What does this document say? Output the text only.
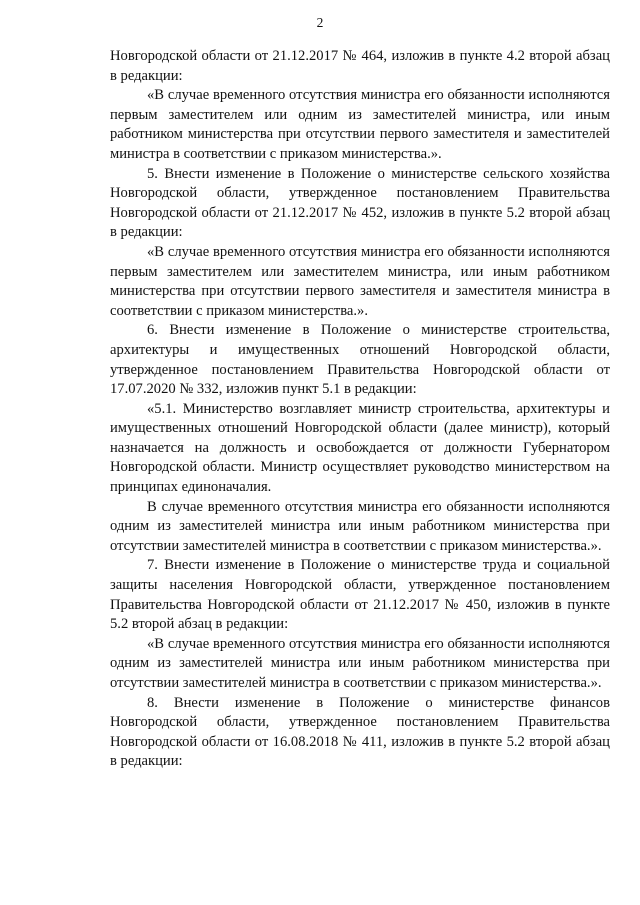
2

Новгородской области от 21.12.2017 № 464, изложив в пункте 4.2 второй абзац в редакции:

«В случае временного отсутствия министра его обязанности исполняются первым заместителем или одним из заместителей министра, или иным работником министерства при отсутствии первого заместителя и заместителей министра в соответствии с приказом министерства.».

5. Внести изменение в Положение о министерстве сельского хозяйства Новгородской области, утвержденное постановлением Правительства Новгородской области от 21.12.2017 № 452, изложив в пункте 5.2 второй абзац в редакции:

«В случае временного отсутствия министра его обязанности исполняются первым заместителем или заместителем министра, или иным работником министерства при отсутствии первого заместителя и заместителя министра в соответствии с приказом министерства.».

6. Внести изменение в Положение о министерстве строительства, архитектуры и имущественных отношений Новгородской области, утвержденное постановлением Правительства Новгородской области от 17.07.2020 № 332, изложив пункт 5.1 в редакции:

«5.1. Министерство возглавляет министр строительства, архитектуры и имущественных отношений Новгородской области (далее министр), который назначается на должность и освобождается от должности Губернатором Новгородской области. Министр осуществляет руководство министерством на принципах единоначалия.

В случае временного отсутствия министра его обязанности исполняются одним из заместителей министра или иным работником министерства при отсутствии заместителей министра в соответствии с приказом министерства.».

7. Внести изменение в Положение о министерстве труда и социальной защиты населения Новгородской области, утвержденное постановлением Правительства Новгородской области от 21.12.2017 № 450, изложив в пункте 5.2 второй абзац в редакции:

«В случае временного отсутствия министра его обязанности исполняются одним из заместителей министра или иным работником министерства при отсутствии заместителей министра в соответствии с приказом министерства.».

8. Внести изменение в Положение о министерстве финансов Новгородской области, утвержденное постановлением Правительства Новгородской области от 16.08.2018 № 411, изложив в пункте 5.2 второй абзац в редакции:
